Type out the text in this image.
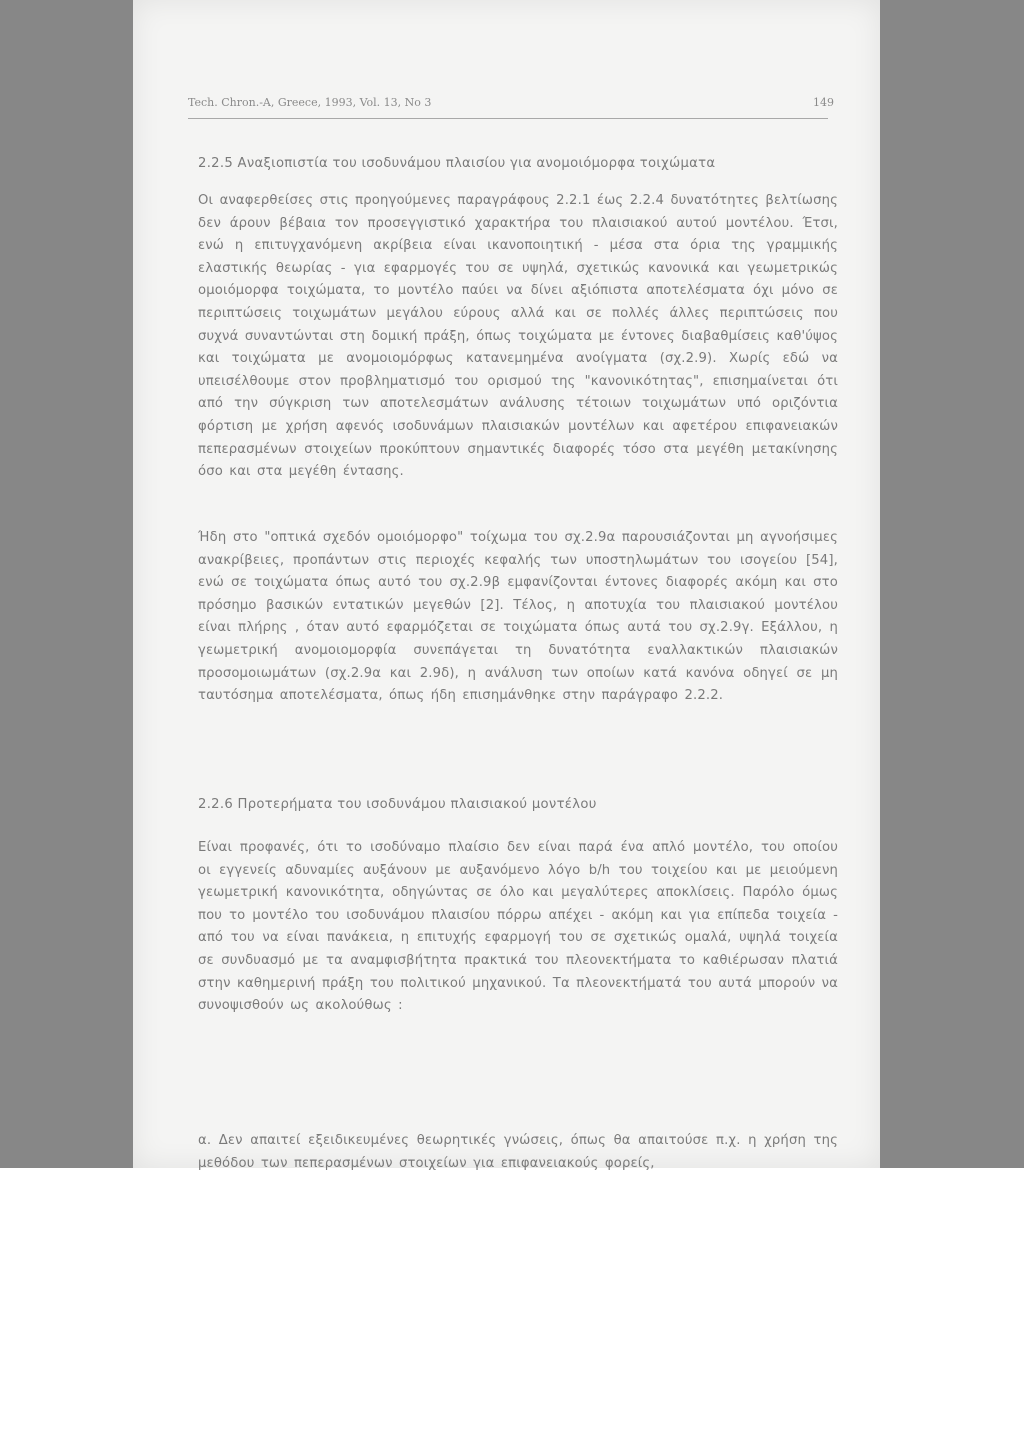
Tech. Chron.-A, Greece, 1993, Vol. 13, No 3	149
2.2.5 Αναξιοπιστία του ισοδυνάμου πλαισίου για ανομοιόμορφα τοιχώματα
Οι αναφερθείσες στις προηγούμενες παραγράφους 2.2.1 έως 2.2.4 δυνατότητες βελτίωσης δεν άρουν βέβαια τον προσεγγιστικό χαρακτήρα του πλαισιακού αυτού μοντέλου. Έτσι, ενώ η επιτυγχανόμενη ακρίβεια είναι ικανοποιητική - μέσα στα όρια της γραμμικής ελαστικής θεωρίας - για εφαρμογές του σε υψηλά, σχετικώς κανονικά και γεωμετρικώς ομοιόμορφα τοιχώματα, το μοντέλο παύει να δίνει αξιόπιστα αποτελέσματα όχι μόνο σε περιπτώσεις τοιχωμάτων μεγάλου εύρους αλλά και σε πολλές άλλες περιπτώσεις που συχνά συναντώνται στη δομική πράξη, όπως τοιχώματα με έντονες διαβαθμίσεις καθ'ύψος και τοιχώματα με ανομοιομόρφως κατανεμημένα ανοίγματα (σχ.2.9). Χωρίς εδώ να υπεισέλθουμε στον προβληματισμό του ορισμού της "κανονικότητας", επισημαίνεται ότι από την σύγκριση των αποτελεσμάτων ανάλυσης τέτοιων τοιχωμάτων υπό οριζόντια φόρτιση με χρήση αφενός ισοδυνάμων πλαισιακών μοντέλων και αφετέρου επιφανειακών πεπερασμένων στοιχείων προκύπτουν σημαντικές διαφορές τόσο στα μεγέθη μετακίνησης όσο και στα μεγέθη έντασης.
Ήδη στο "οπτικά σχεδόν ομοιόμορφο" τοίχωμα του σχ.2.9α παρουσιάζονται μη αγνοήσιμες ανακρίβειες, προπάντων στις περιοχές κεφαλής των υποστηλωμάτων του ισογείου [54], ενώ σε τοιχώματα όπως αυτό του σχ.2.9β εμφανίζονται έντονες διαφορές ακόμη και στο πρόσημο βασικών εντατικών μεγεθών [2]. Τέλος, η αποτυχία του πλαισιακού μοντέλου είναι πλήρης , όταν αυτό εφαρμόζεται σε τοιχώματα όπως αυτά του σχ.2.9γ. Εξάλλου, η γεωμετρική ανομοιομορφία συνεπάγεται τη δυνατότητα εναλλακτικών πλαισιακών προσομοιωμάτων (σχ.2.9α και 2.9δ), η ανάλυση των οποίων κατά κανόνα οδηγεί σε μη ταυτόσημα αποτελέσματα, όπως ήδη επισημάνθηκε στην παράγραφο 2.2.2.
2.2.6 Προτερήματα του ισοδυνάμου πλαισιακού μοντέλου
Είναι προφανές, ότι το ισοδύναμο πλαίσιο δεν είναι παρά ένα απλό μοντέλο, του οποίου οι εγγενείς αδυναμίες αυξάνουν με αυξανόμενο λόγο b/h του τοιχείου και με μειούμενη γεωμετρική κανονικότητα, οδηγώντας σε όλο και μεγαλύτερες αποκλίσεις. Παρόλο όμως που το μοντέλο του ισοδυνάμου πλαισίου πόρρω απέχει - ακόμη και για επίπεδα τοιχεία - από του να είναι πανάκεια, η επιτυχής εφαρμογή του σε σχετικώς ομαλά, υψηλά τοιχεία σε συνδυασμό με τα αναμφισβήτητα πρακτικά του πλεονεκτήματα το καθιέρωσαν πλατιά στην καθημερινή πράξη του πολιτικού μηχανικού. Τα πλεονεκτήματά του αυτά μπορούν να συνοψισθούν ως ακολούθως :
α. Δεν απαιτεί εξειδικευμένες θεωρητικές γνώσεις, όπως θα απαιτούσε π.χ. η χρήση της μεθόδου των πεπερασμένων στοιχείων για επιφανειακούς φορείς,
